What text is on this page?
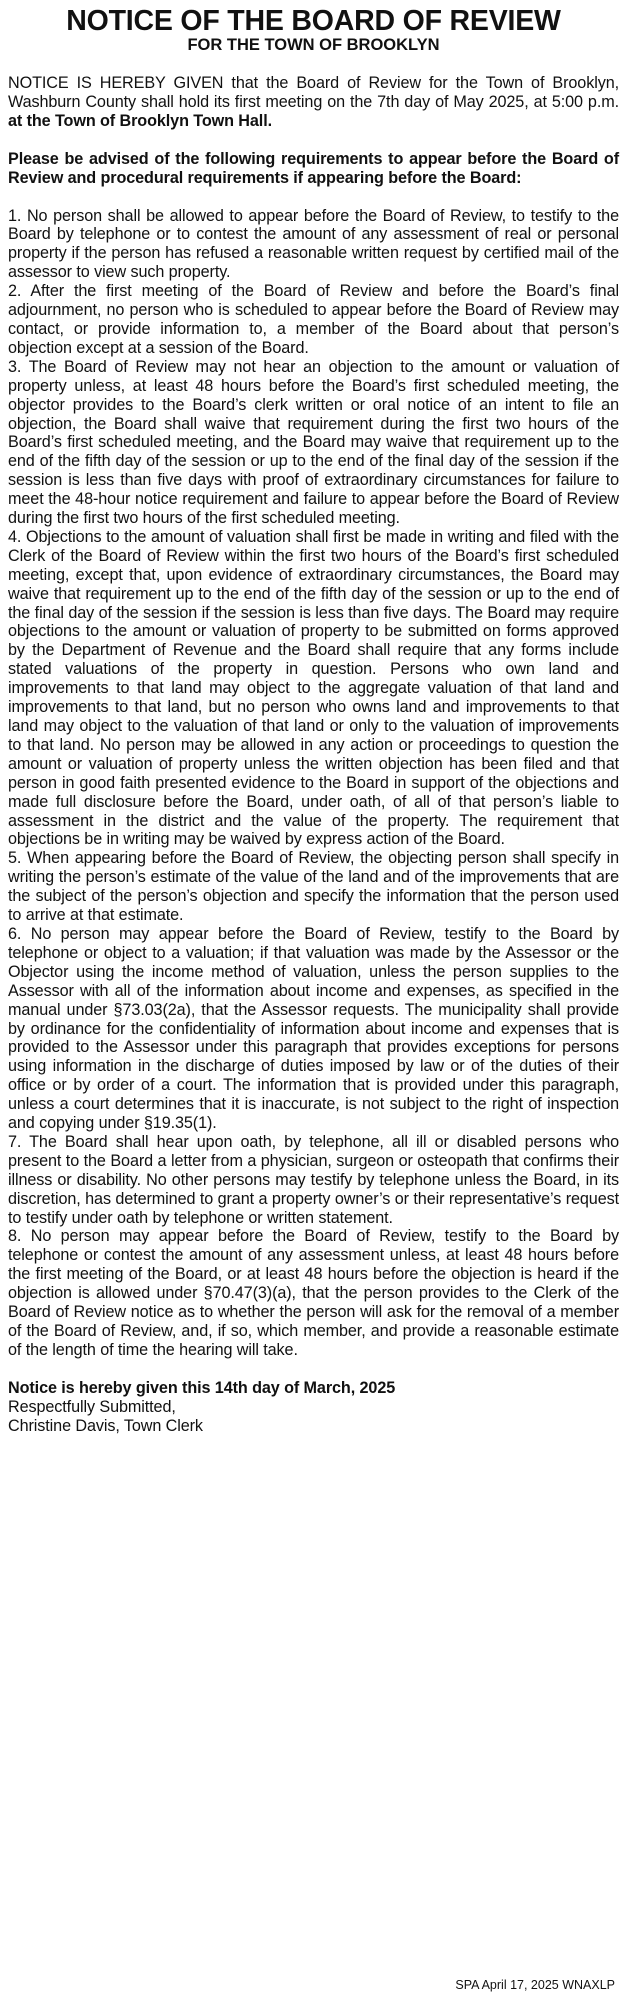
NOTICE OF THE BOARD OF REVIEW
FOR THE TOWN OF BROOKLYN

NOTICE IS HEREBY GIVEN that the Board of Review for the Town of Brooklyn, Washburn County shall hold its first meeting on the 7th day of May 2025, at 5:00 p.m. at the Town of Brooklyn Town Hall.

Please be advised of the following requirements to appear before the Board of Review and procedural requirements if appearing before the Board:

1. No person shall be allowed to appear before the Board of Review, to testify to the Board by telephone or to contest the amount of any assessment of real or personal property if the person has refused a reasonable written request by certified mail of the assessor to view such property.

2. After the first meeting of the Board of Review and before the Board’s final adjournment, no person who is scheduled to appear before the Board of Review may contact, or provide information to, a member of the Board about that person’s objection except at a session of the Board.

3. The Board of Review may not hear an objection to the amount or valuation of property unless, at least 48 hours before the Board’s first scheduled meeting, the objector provides to the Board’s clerk written or oral notice of an intent to file an objection, the Board shall waive that requirement during the first two hours of the Board’s first scheduled meeting, and the Board may waive that requirement up to the end of the fifth day of the session or up to the end of the final day of the session if the session is less than five days with proof of extraordinary circumstances for failure to meet the 48-hour notice requirement and failure to appear before the Board of Review during the first two hours of the first scheduled meeting.

4. Objections to the amount of valuation shall first be made in writing and filed with the Clerk of the Board of Review within the first two hours of the Board’s first scheduled meeting, except that, upon evidence of extraordinary circumstances, the Board may waive that requirement up to the end of the fifth day of the session or up to the end of the final day of the session if the session is less than five days. The Board may require objections to the amount or valuation of property to be submitted on forms approved by the Department of Revenue and the Board shall require that any forms include stated valuations of the property in question. Persons who own land and improvements to that land may object to the aggregate valuation of that land and improvements to that land, but no person who owns land and improvements to that land may object to the valuation of that land or only to the valuation of improvements to that land. No person may be allowed in any action or proceedings to question the amount or valuation of property unless the written objection has been filed and that person in good faith presented evidence to the Board in support of the objections and made full disclosure before the Board, under oath, of all of that person’s liable to assessment in the district and the value of the property. The requirement that objections be in writing may be waived by express action of the Board.

5. When appearing before the Board of Review, the objecting person shall specify in writing the person’s estimate of the value of the land and of the improvements that are the subject of the person’s objection and specify the information that the person used to arrive at that estimate.

6. No person may appear before the Board of Review, testify to the Board by telephone or object to a valuation; if that valuation was made by the Assessor or the Objector using the income method of valuation, unless the person supplies to the Assessor with all of the information about income and expenses, as specified in the manual under §73.03(2a), that the Assessor requests. The municipality shall provide by ordinance for the confidentiality of information about income and expenses that is provided to the Assessor under this paragraph that provides exceptions for persons using information in the discharge of duties imposed by law or of the duties of their office or by order of a court. The information that is provided under this paragraph, unless a court determines that it is inaccurate, is not subject to the right of inspection and copying under §19.35(1).

7. The Board shall hear upon oath, by telephone, all ill or disabled persons who present to the Board a letter from a physician, surgeon or osteopath that confirms their illness or disability. No other persons may testify by telephone unless the Board, in its discretion, has determined to grant a property owner’s or their representative’s request to testify under oath by telephone or written statement.

8. No person may appear before the Board of Review, testify to the Board by telephone or contest the amount of any assessment unless, at least 48 hours before the first meeting of the Board, or at least 48 hours before the objection is heard if the objection is allowed under §70.47(3)(a), that the person provides to the Clerk of the Board of Review notice as to whether the person will ask for the removal of a member of the Board of Review, and, if so, which member, and provide a reasonable estimate of the length of time the hearing will take.

Notice is hereby given this 14th day of March, 2025

Respectfully Submitted,

Christine Davis, Town Clerk

SPA April 17, 2025 WNAXLP
